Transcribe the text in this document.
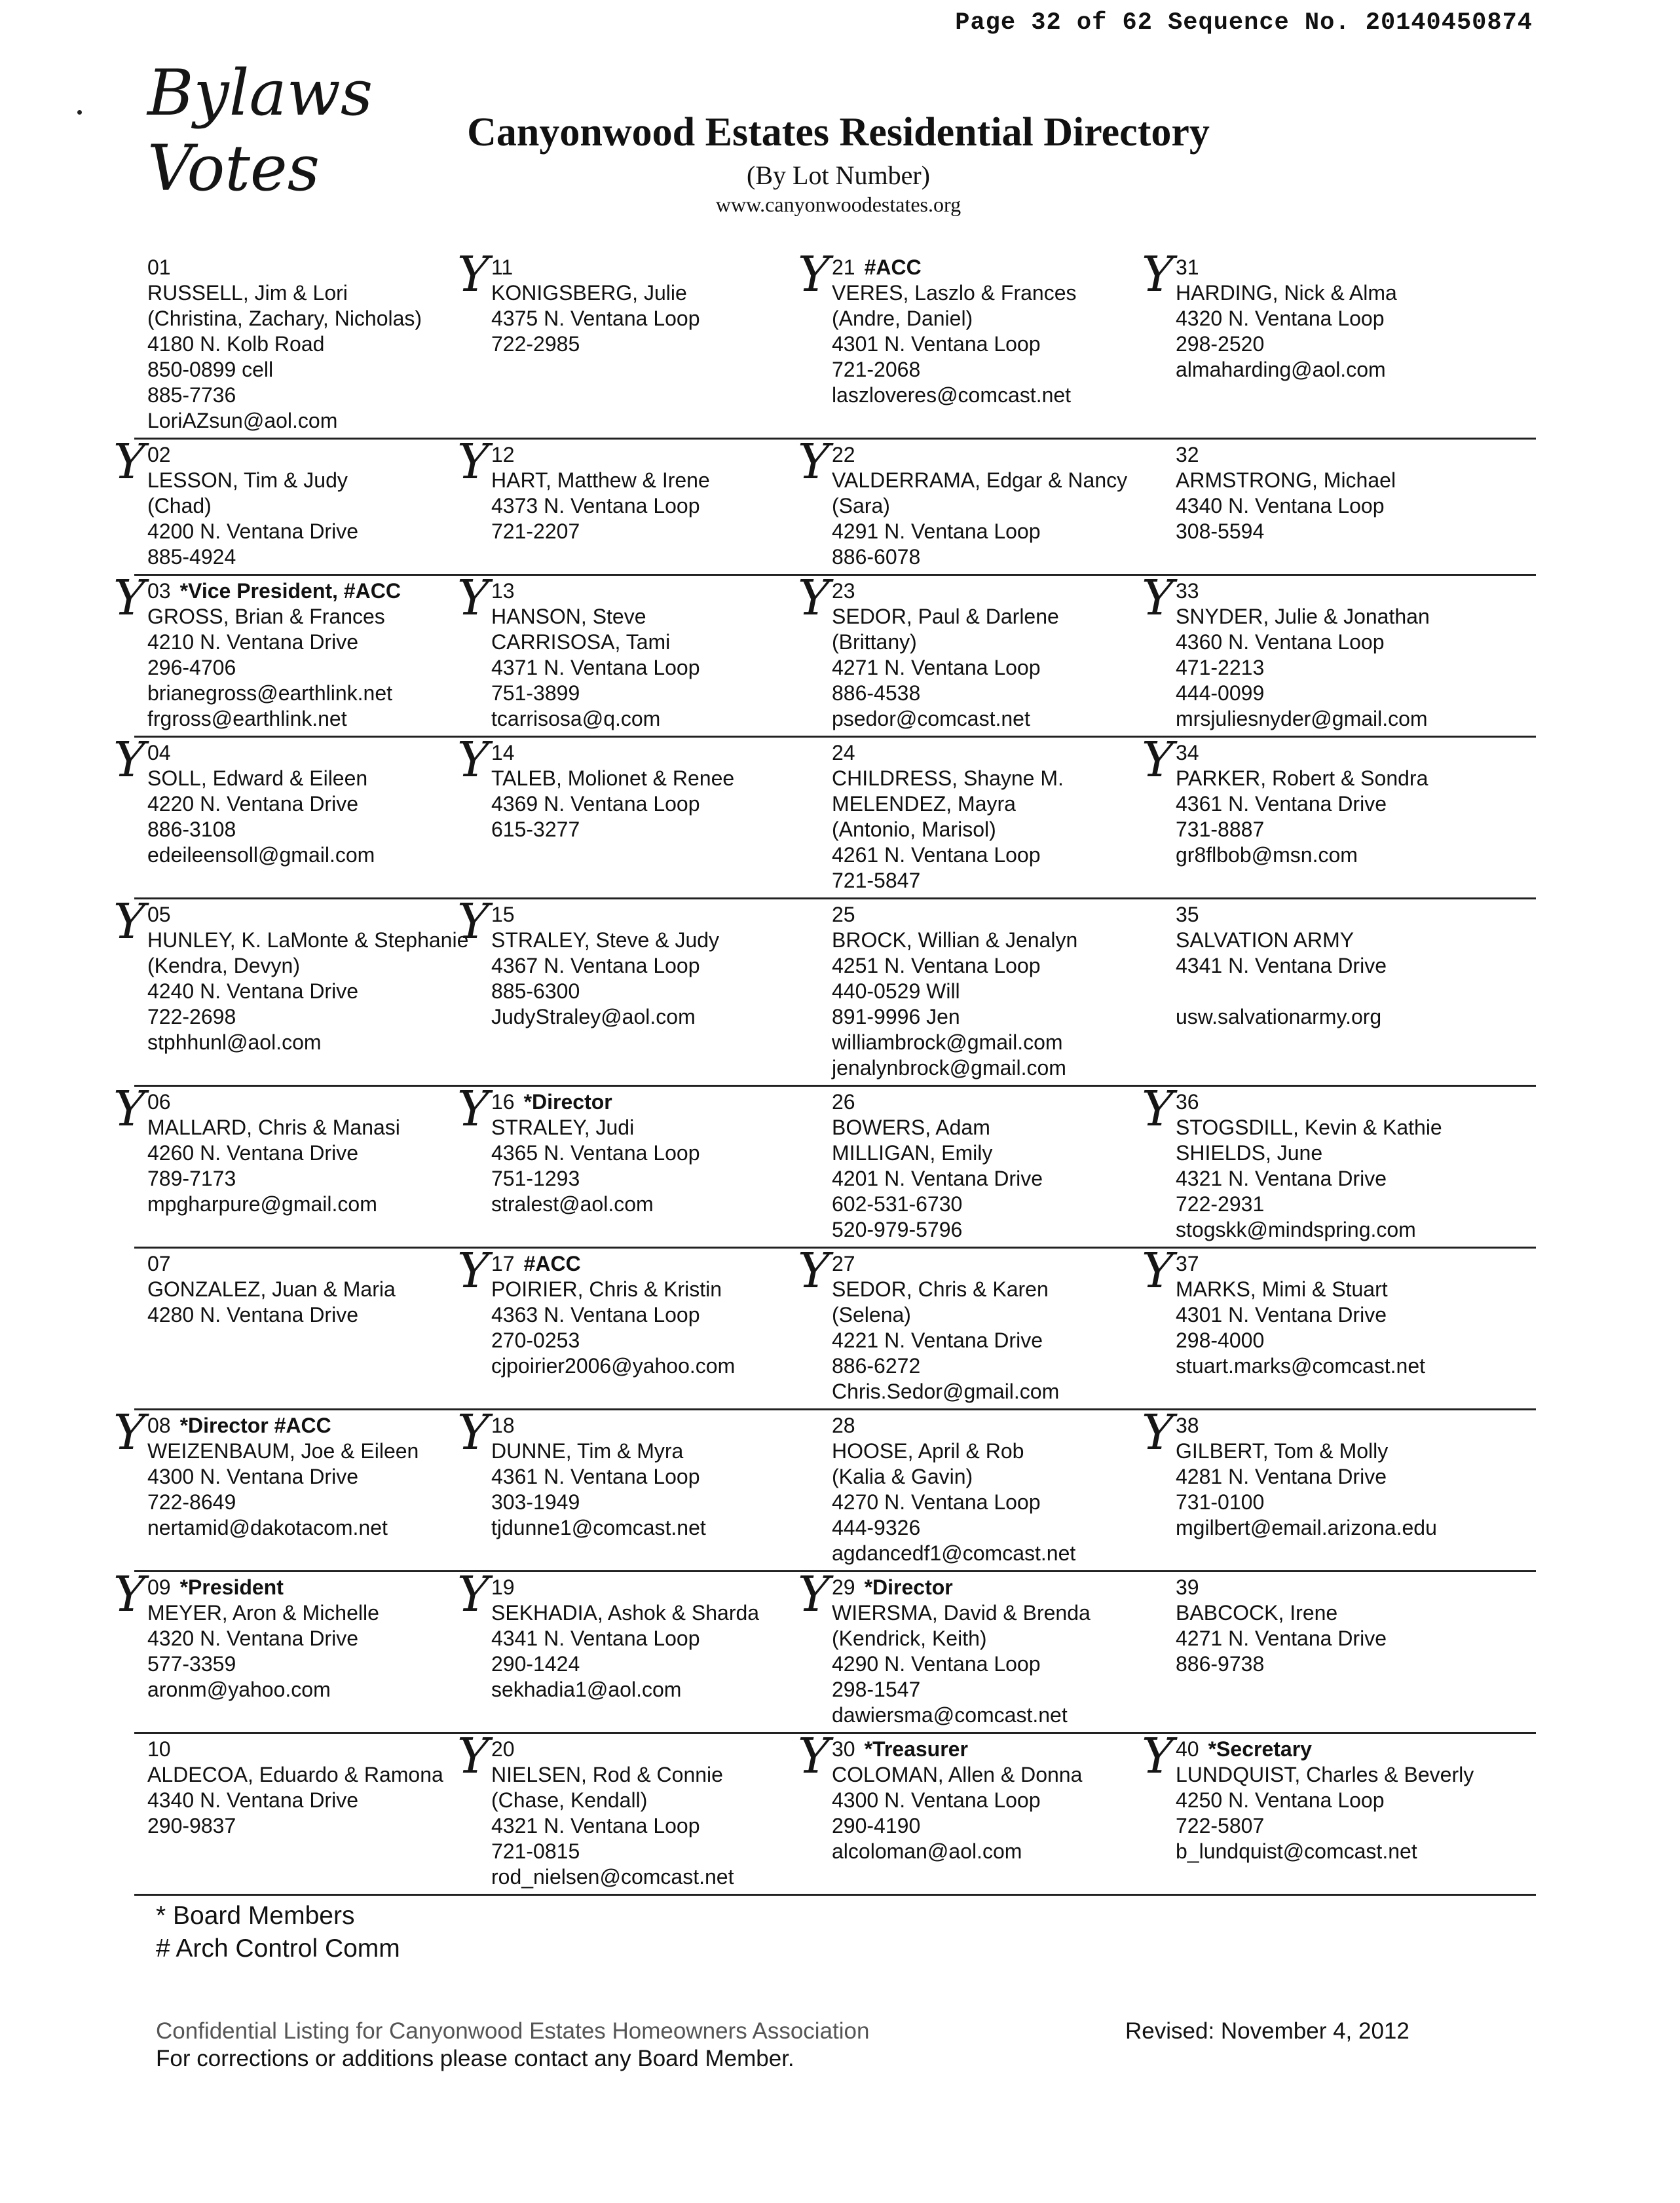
Page 32 of 62 Sequence No. 20140450874
Bylaws
Votes	Canyonwood Estates Residential Directory
(By Lot Number)
www.canyonwoodestates.org
01
RUSSELL, Jim & Lori
(Christina, Zachary, Nicholas)
4180 N. Kolb Road
850-0899 cell
885-7736
LoriAZsun@aol.com
Y 11
KONIGSBERG, Julie
4375 N. Ventana Loop
722-2985
Y 21 #ACC
VERES, Laszlo & Frances
(Andre, Daniel)
4301 N. Ventana Loop
721-2068
laszloveres@comcast.net
Y 31
HARDING, Nick & Alma
4320 N. Ventana Loop
298-2520
almaharding@aol.com
Y 02
LESSON, Tim & Judy
(Chad)
4200 N. Ventana Drive
885-4924
Y 12
HART, Matthew & Irene
4373 N. Ventana Loop
721-2207
Y 22
VALDERRAMA, Edgar & Nancy
(Sara)
4291 N. Ventana Loop
886-6078
32
ARMSTRONG, Michael
4340 N. Ventana Loop
308-5594
Y 03 *Vice President, #ACC
GROSS, Brian & Frances
4210 N. Ventana Drive
296-4706
brianegross@earthlink.net
frgross@earthlink.net
Y 13
HANSON, Steve
CARRISOSA, Tami
4371 N. Ventana Loop
751-3899
tcarrisosa@q.com
Y 23
SEDOR, Paul & Darlene
(Brittany)
4271 N. Ventana Loop
886-4538
psedor@comcast.net
Y 33
SNYDER, Julie & Jonathan
4360 N. Ventana Loop
471-2213
444-0099
mrsjuliesnyder@gmail.com
Y 04
SOLL, Edward & Eileen
4220 N. Ventana Drive
886-3108
edeileensoll@gmail.com
Y 14
TALEB, Molionet & Renee
4369 N. Ventana Loop
615-3277
24
CHILDRESS, Shayne M.
MELENDEZ, Mayra
(Antonio, Marisol)
4261 N. Ventana Loop
721-5847
Y 34
PARKER, Robert & Sondra
4361 N. Ventana Drive
731-8887
gr8flbob@msn.com
Y 05
HUNLEY, K. LaMonte & Stephanie
(Kendra, Devyn)
4240 N. Ventana Drive
722-2698
stphhunl@aol.com
Y 15
STRALEY, Steve & Judy
4367 N. Ventana Loop
885-6300
JudyStraley@aol.com
25
BROCK, Willian & Jenalyn
4251 N. Ventana Loop
440-0529 Will
891-9996 Jen
williambrock@gmail.com
jenalynbrock@gmail.com
35
SALVATION ARMY
4341 N. Ventana Drive

usw.salvationarmy.org
Y 06
MALLARD, Chris & Manasi
4260 N. Ventana Drive
789-7173
mpgharpure@gmail.com
Y 16 *Director
STRALEY, Judi
4365 N. Ventana Loop
751-1293
stralest@aol.com
26
BOWERS, Adam
MILLIGAN, Emily
4201 N. Ventana Drive
602-531-6730
520-979-5796
Y 36
STOGSDILL, Kevin & Kathie
SHIELDS, June
4321 N. Ventana Drive
722-2931
stogskk@mindspring.com
07
GONZALEZ, Juan & Maria
4280 N. Ventana Drive
Y 17 #ACC
POIRIER, Chris & Kristin
4363 N. Ventana Loop
270-0253
cjpoirier2006@yahoo.com
Y 27
SEDOR, Chris & Karen
(Selena)
4221 N. Ventana Drive
886-6272
Chris.Sedor@gmail.com
Y 37
MARKS, Mimi & Stuart
4301 N. Ventana Drive
298-4000
stuart.marks@comcast.net
Y 08 *Director #ACC
WEIZENBAUM, Joe & Eileen
4300 N. Ventana Drive
722-8649
nertamid@dakotacom.net
Y 18
DUNNE, Tim & Myra
4361 N. Ventana Loop
303-1949
tjdunne1@comcast.net
28
HOOSE, April & Rob
(Kalia & Gavin)
4270 N. Ventana Loop
444-9326
agdancedf1@comcast.net
Y 38
GILBERT, Tom & Molly
4281 N. Ventana Drive
731-0100
mgilbert@email.arizona.edu
Y 09 *President
MEYER, Aron & Michelle
4320 N. Ventana Drive
577-3359
aronm@yahoo.com
Y 19
SEKHADIA, Ashok & Sharda
4341 N. Ventana Loop
290-1424
sekhadia1@aol.com
Y 29 *Director
WIERSMA, David & Brenda
(Kendrick, Keith)
4290 N. Ventana Loop
298-1547
dawiersma@comcast.net
39
BABCOCK, Irene
4271 N. Ventana Drive
886-9738
10
ALDECOA, Eduardo & Ramona
4340 N. Ventana Drive
290-9837
Y 20
NIELSEN, Rod & Connie
(Chase, Kendall)
4321 N. Ventana Loop
721-0815
rod_nielsen@comcast.net
Y 30 *Treasurer
COLOMAN, Allen & Donna
4300 N. Ventana Loop
290-4190
alcoloman@aol.com
Y 40 *Secretary
LUNDQUIST, Charles & Beverly
4250 N. Ventana Loop
722-5807
b_lundquist@comcast.net
* Board Members
# Arch Control Comm
Confidential Listing for Canyonwood Estates Homeowners Association
For corrections or additions please contact any Board Member.
Revised: November 4, 2012
